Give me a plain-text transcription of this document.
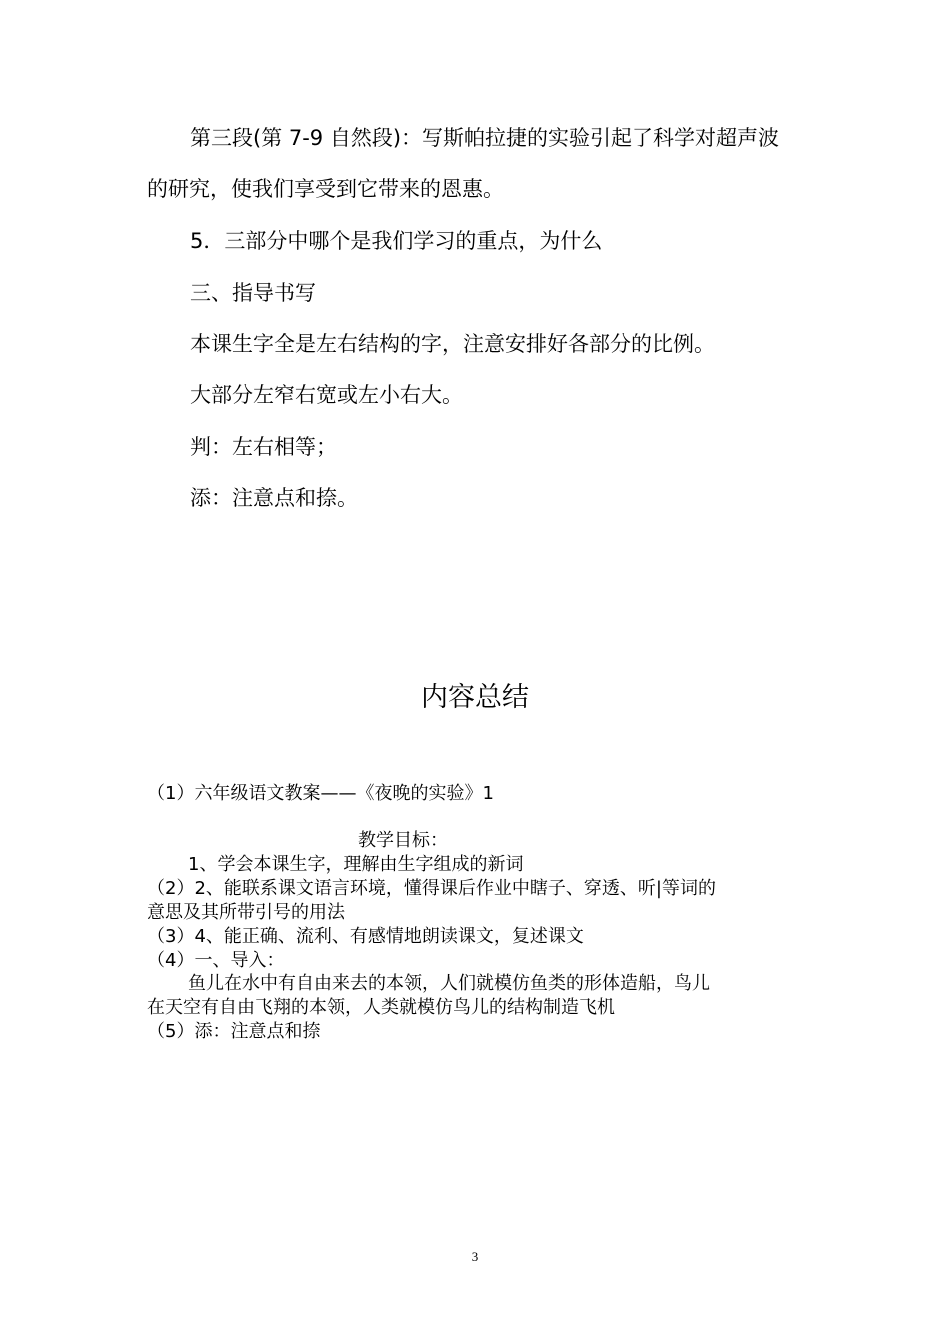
第三段(第 7-9 自然段)：写斯帕拉捷的实验引起了科学对超声波
的研究，使我们享受到它带来的恩惠。
5．三部分中哪个是我们学习的重点，为什么
三、指导书写
本课生字全是左右结构的字，注意安排好各部分的比例。
大部分左窄右宽或左小右大。
判：左右相等；
添：注意点和捺。
内容总结
（1）六年级语文教案——《夜晚的实验》1
教学目标：
1、学会本课生字，理解由生字组成的新词
（2）2、能联系课文语言环境，懂得课后作业中瞎子、穿透、听|等词的
意思及其所带引号的用法
（3）4、能正确、流利、有感情地朗读课文，复述课文
（4）一、导入：
鱼儿在水中有自由来去的本领，人们就模仿鱼类的形体造船，鸟儿
在天空有自由飞翔的本领，人类就模仿鸟儿的结构制造飞机
（5）添：注意点和捺
3
